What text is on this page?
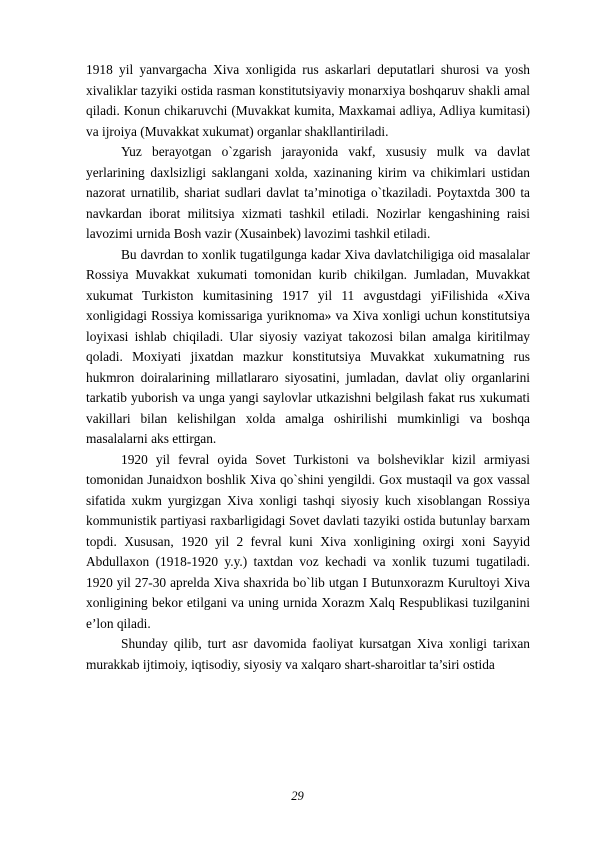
1918 yil yanvargacha Xiva xonligida rus askarlari deputatlari shurosi va yosh xivaliklar tazyiki ostida rasman konstitutsiyaviy monarxiya boshqaruv shakli amal qiladi. Konun chikaruvchi (Muvakkat kumita, Maxkamai adliya, Adliya kumitasi) va ijroiya (Muvakkat xukumat) organlar shakllantiriladi.

Yuz berayotgan o`zgarish jarayonida vakf, xususiy mulk va davlat yerlarining daxlsizligi saklangani xolda, xazinaning kirim va chikimlari ustidan nazorat urnatilib, shariat sudlari davlat ta’minotiga o`tkaziladi. Poytaxtda 300 ta navkardan iborat militsiya xizmati tashkil etiladi. Nozirlar kengashining raisi lavozimi urnida Bosh vazir (Xusainbek) lavozimi tashkil etiladi.

Bu davrdan to xonlik tugatilgunga kadar Xiva davlatchiligiga oid masalalar Rossiya Muvakkat xukumati tomonidan kurib chikilgan. Jumladan, Muvakkat xukumat Turkiston kumitasining 1917 yil 11 avgustdagi yiFilishida «Xiva xonligidagi Rossiya komissariga yuriknoma» va Xiva xonligi uchun konstitutsiya loyixasi ishlab chiqiladi. Ular siyosiy vaziyat takozosi bilan amalga kiritilmay qoladi. Moxiyati jixatdan mazkur konstitutsiya Muvakkat xukumatning rus hukmron doiralarining millatlararo siyosatini, jumladan, davlat oliy organlarini tarkatib yuborish va unga yangi saylovlar utkazishni belgilash fakat rus xukumati vakillari bilan kelishilgan xolda amalga oshirilishi mumkinligi va boshqa masalalarni aks ettirgan.

1920 yil fevral oyida Sovet Turkistoni va bolsheviklar kizil armiyasi tomonidan Junaidxon boshlik Xiva qo`shini yengildi. Gox mustaqil va gox vassal sifatida xukm yurgizgan Xiva xonligi tashqi siyosiy kuch xisoblangan Rossiya kommunistik partiyasi raxbarligidagi Sovet davlati tazyiki ostida butunlay barxam topdi. Xususan, 1920 yil 2 fevral kuni Xiva xonligining oxirgi xoni Sayyid Abdullaxon (1918-1920 y.y.) taxtdan voz kechadi va xonlik tuzumi tugatiladi. 1920 yil 27-30 aprelda Xiva shaxrida bo`lib utgan I Butunxorazm Kurultoyi Xiva xonligining bekor etilgani va uning urnida Xorazm Xalq Respublikasi tuzilganini e’lon qiladi.

Shunday qilib, turt asr davomida faoliyat kursatgan Xiva xonligi tarixan murakkab ijtimoiy, iqtisodiy, siyosiy va xalqaro shart-sharoitlar ta’siri ostida

29
